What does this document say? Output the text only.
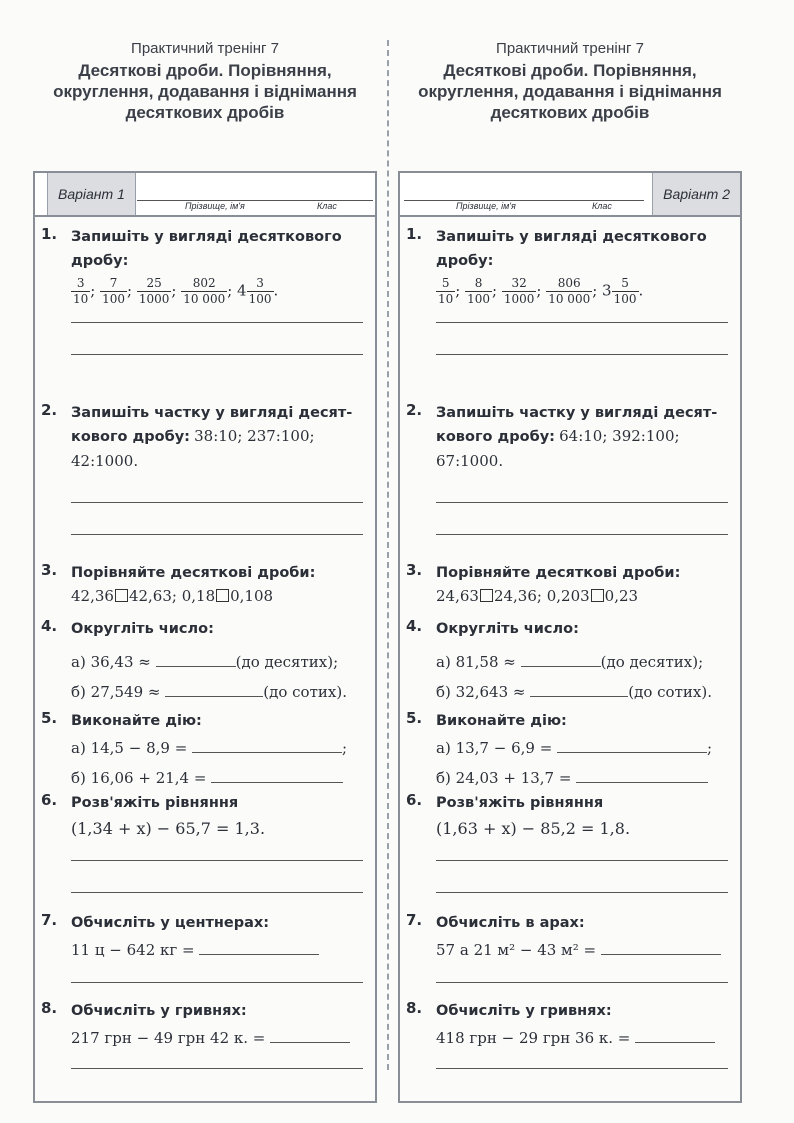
Практичний тренінг 7
Десяткові дроби. Порівняння,
округлення, додавання і віднімання
десяткових дробів
Варіант 1
Прізвище, ім'я	Клас
1. Запишіть у вигляді десяткового
дробу:
$\frac{3}{10}$ ; $\frac{7}{100}$ ; $\frac{25}{1000}$ ; $\frac{802}{10 000}$ ; $4 \frac{3}{100}$ .
2. Запишіть частку у вигляді десят-
кового дробу: 38:10; 237:100;
42:1000.
3. Порівняйте десяткові дроби:
42,36 42,63; 0,18 0,108
4. Округліть число:
а) 36,43 ≈	(до десятих);
б) 27,549 ≈	(до сотих).
5. Виконайте дію:
а) 14,5 − 8,9 =	;
б) 16,06 + 21,4 =
6. Розв'яжіть рівняння
(1,34 + x) − 65,7 = 1,3.
7. Обчисліть у центнерах:
11 ц − 642 кг =
8. Обчисліть у гривнях:
217 грн − 49 грн 42 к. =
Практичний тренінг 7
Десяткові дроби. Порівняння,
округлення, додавання і віднімання
десяткових дробів
Варіант 2
Прізвище, ім'я	Клас
1. Запишіть у вигляді десяткового
дробу:
$\frac{5}{10}$ ; $\frac{8}{100}$ ; $\frac{32}{1000}$ ; $\frac{806}{10 000}$ ; $3 \frac{5}{100}$ .
2. Запишіть частку у вигляді десят-
кового дробу: 64:10; 392:100;
67:1000.
3. Порівняйте десяткові дроби:
24,63 24,36; 0,203 0,23
4. Округліть число:
а) 81,58 ≈	(до десятих);
б) 32,643 ≈	(до сотих).
5. Виконайте дію:
а) 13,7 − 6,9 =	;
б) 24,03 + 13,7 =
6. Розв'яжіть рівняння
(1,63 + x) − 85,2 = 1,8.
7. Обчисліть в арах:
57 а 21 м² − 43 м² =
8. Обчисліть у гривнях:
418 грн − 29 грн 36 к. =
